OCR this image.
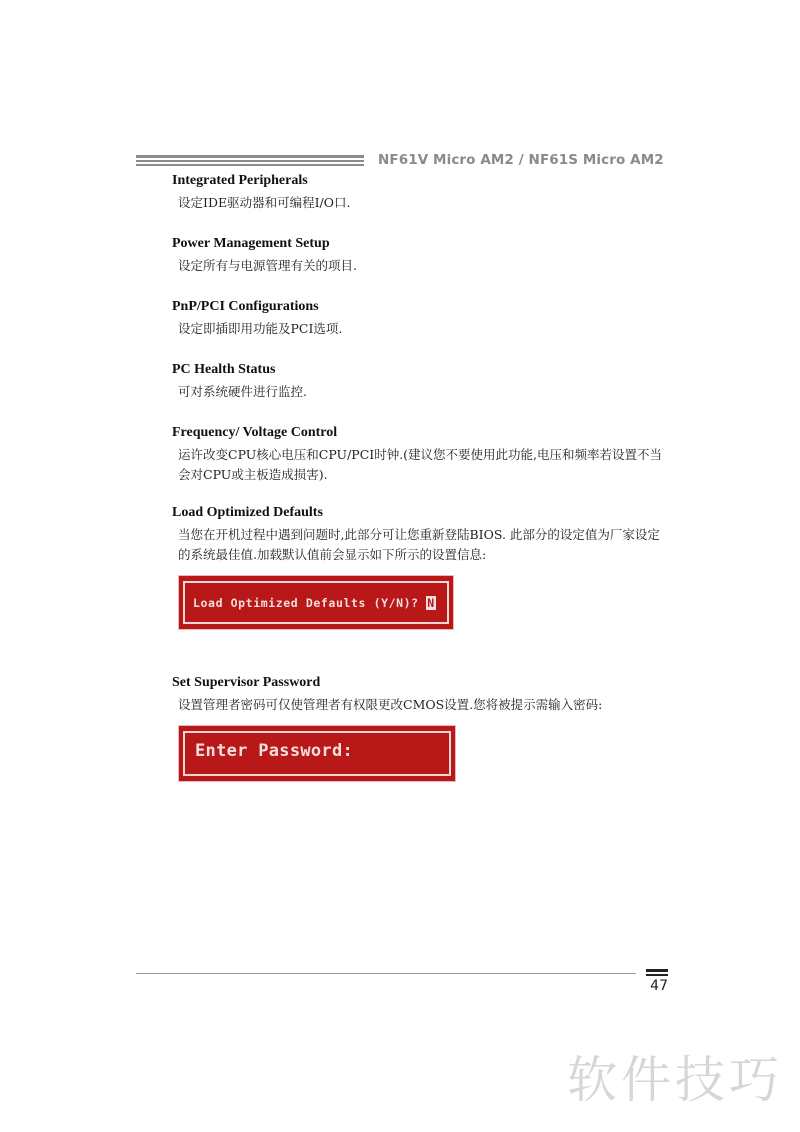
NF61V Micro AM2 / NF61S Micro AM2
Integrated Peripherals
设定IDE驱动器和可编程I/O口.
Power Management Setup
设定所有与电源管理有关的项目.
PnP/PCI Configurations
设定即插即用功能及PCI选项.
PC Health Status
可对系统硬件进行监控.
Frequency/ Voltage Control
运许改变CPU核心电压和CPU/PCI时钟.(建议您不要使用此功能,电压和频率若设置不当会对CPU或主板造成损害).
Load Optimized Defaults
当您在开机过程中遇到问题时,此部分可让您重新登陆BIOS. 此部分的设定值为厂家设定的系统最佳值.加载默认值前会显示如下所示的设置信息:
Load Optimized Defaults (Y/N)? N
Set Supervisor Password
设置管理者密码可仅使管理者有权限更改CMOS设置.您将被提示需输入密码:
Enter Password:
47
软件技巧
